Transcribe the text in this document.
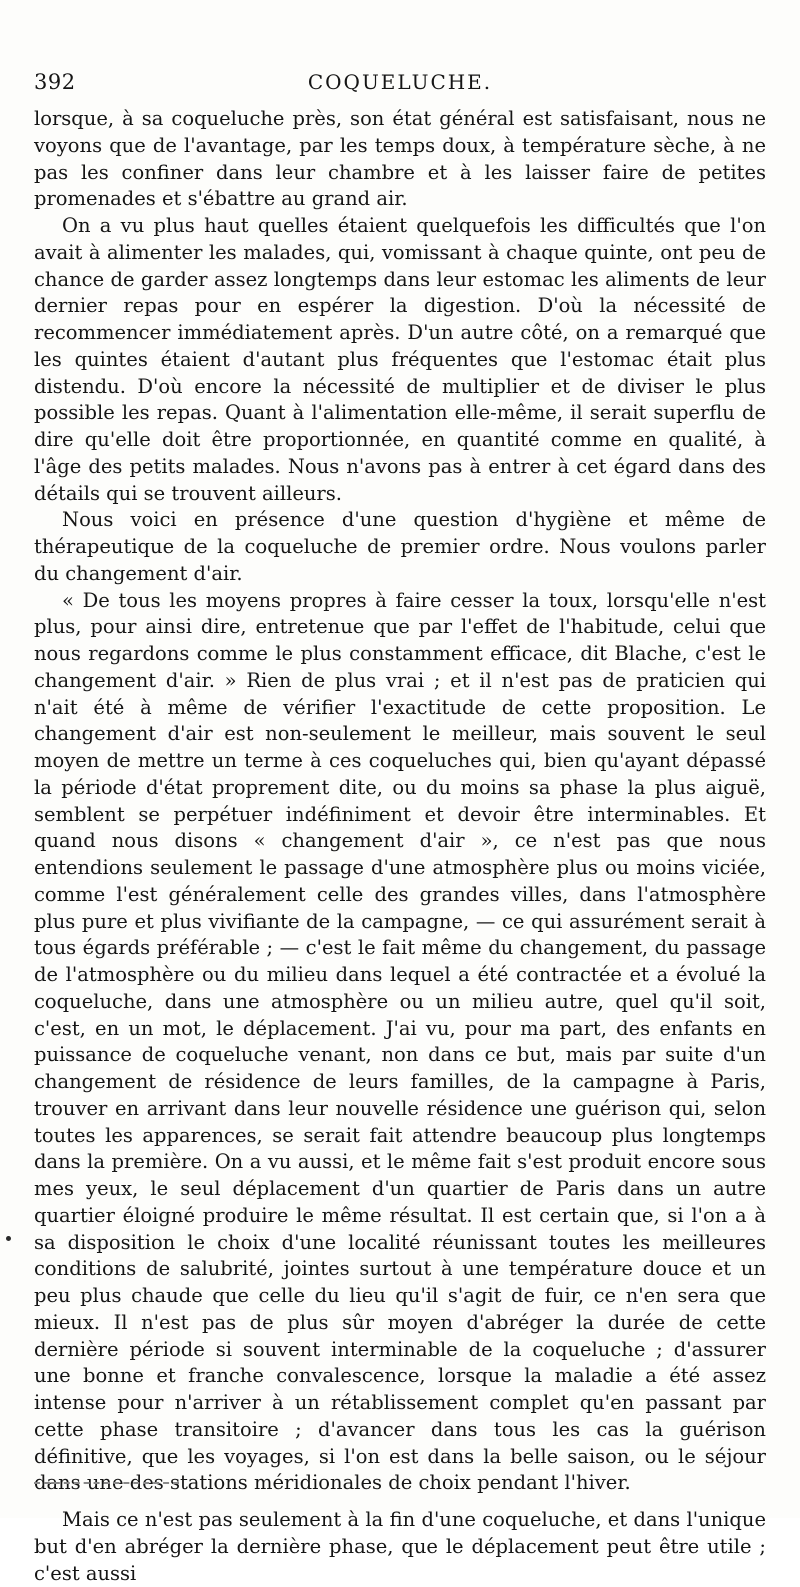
392	COQUELUCHE.

lorsque, à sa coqueluche près, son état général est satisfaisant, nous ne voyons que de l'avantage, par les temps doux, à température sèche, à ne pas les confiner dans leur chambre et à les laisser faire de petites promenades et s'ébattre au grand air.

On a vu plus haut quelles étaient quelquefois les difficultés que l'on avait à alimenter les malades, qui, vomissant à chaque quinte, ont peu de chance de garder assez longtemps dans leur estomac les aliments de leur dernier repas pour en espérer la digestion. D'où la nécessité de recommencer immédiatement après. D'un autre côté, on a remarqué que les quintes étaient d'autant plus fréquentes que l'estomac était plus distendu. D'où encore la nécessité de multiplier et de diviser le plus possible les repas. Quant à l'alimentation elle-même, il serait superflu de dire qu'elle doit être proportionnée, en quantité comme en qualité, à l'âge des petits malades. Nous n'avons pas à entrer à cet égard dans des détails qui se trouvent ailleurs.

Nous voici en présence d'une question d'hygiène et même de thérapeutique de la coqueluche de premier ordre. Nous voulons parler du changement d'air.

« De tous les moyens propres à faire cesser la toux, lorsqu'elle n'est plus, pour ainsi dire, entretenue que par l'effet de l'habitude, celui que nous regardons comme le plus constamment efficace, dit Blache, c'est le changement d'air. » Rien de plus vrai ; et il n'est pas de praticien qui n'ait été à même de vérifier l'exactitude de cette proposition. Le changement d'air est non-seulement le meilleur, mais souvent le seul moyen de mettre un terme à ces coqueluches qui, bien qu'ayant dépassé la période d'état proprement dite, ou du moins sa phase la plus aiguë, semblent se perpétuer indéfiniment et devoir être interminables. Et quand nous disons « changement d'air », ce n'est pas que nous entendions seulement le passage d'une atmosphère plus ou moins viciée, comme l'est généralement celle des grandes villes, dans l'atmosphère plus pure et plus vivifiante de la campagne, — ce qui assurément serait à tous égards préférable ; — c'est le fait même du changement, du passage de l'atmosphère ou du milieu dans lequel a été contractée et a évolué la coqueluche, dans une atmosphère ou un milieu autre, quel qu'il soit, c'est, en un mot, le déplacement. J'ai vu, pour ma part, des enfants en puissance de coqueluche venant, non dans ce but, mais par suite d'un changement de résidence de leurs familles, de la campagne à Paris, trouver en arrivant dans leur nouvelle résidence une guérison qui, selon toutes les apparences, se serait fait attendre beaucoup plus longtemps dans la première. On a vu aussi, et le même fait s'est produit encore sous mes yeux, le seul déplacement d'un quartier de Paris dans un autre quartier éloigné produire le même résultat. Il est certain que, si l'on a à sa disposition le choix d'une localité réunissant toutes les meilleures conditions de salubrité, jointes surtout à une température douce et un peu plus chaude que celle du lieu qu'il s'agit de fuir, ce n'en sera que mieux. Il n'est pas de plus sûr moyen d'abréger la durée de cette dernière période si souvent interminable de la coqueluche ; d'assurer une bonne et franche convalescence, lorsque la maladie a été assez intense pour n'arriver à un rétablissement complet qu'en passant par cette phase transitoire ; d'avancer dans tous les cas la guérison définitive, que les voyages, si l'on est dans la belle saison, ou le séjour dans une des stations méridionales de choix pendant l'hiver.

Mais ce n'est pas seulement à la fin d'une coqueluche, et dans l'unique but d'en abréger la dernière phase, que le déplacement peut être utile ; c'est aussi
